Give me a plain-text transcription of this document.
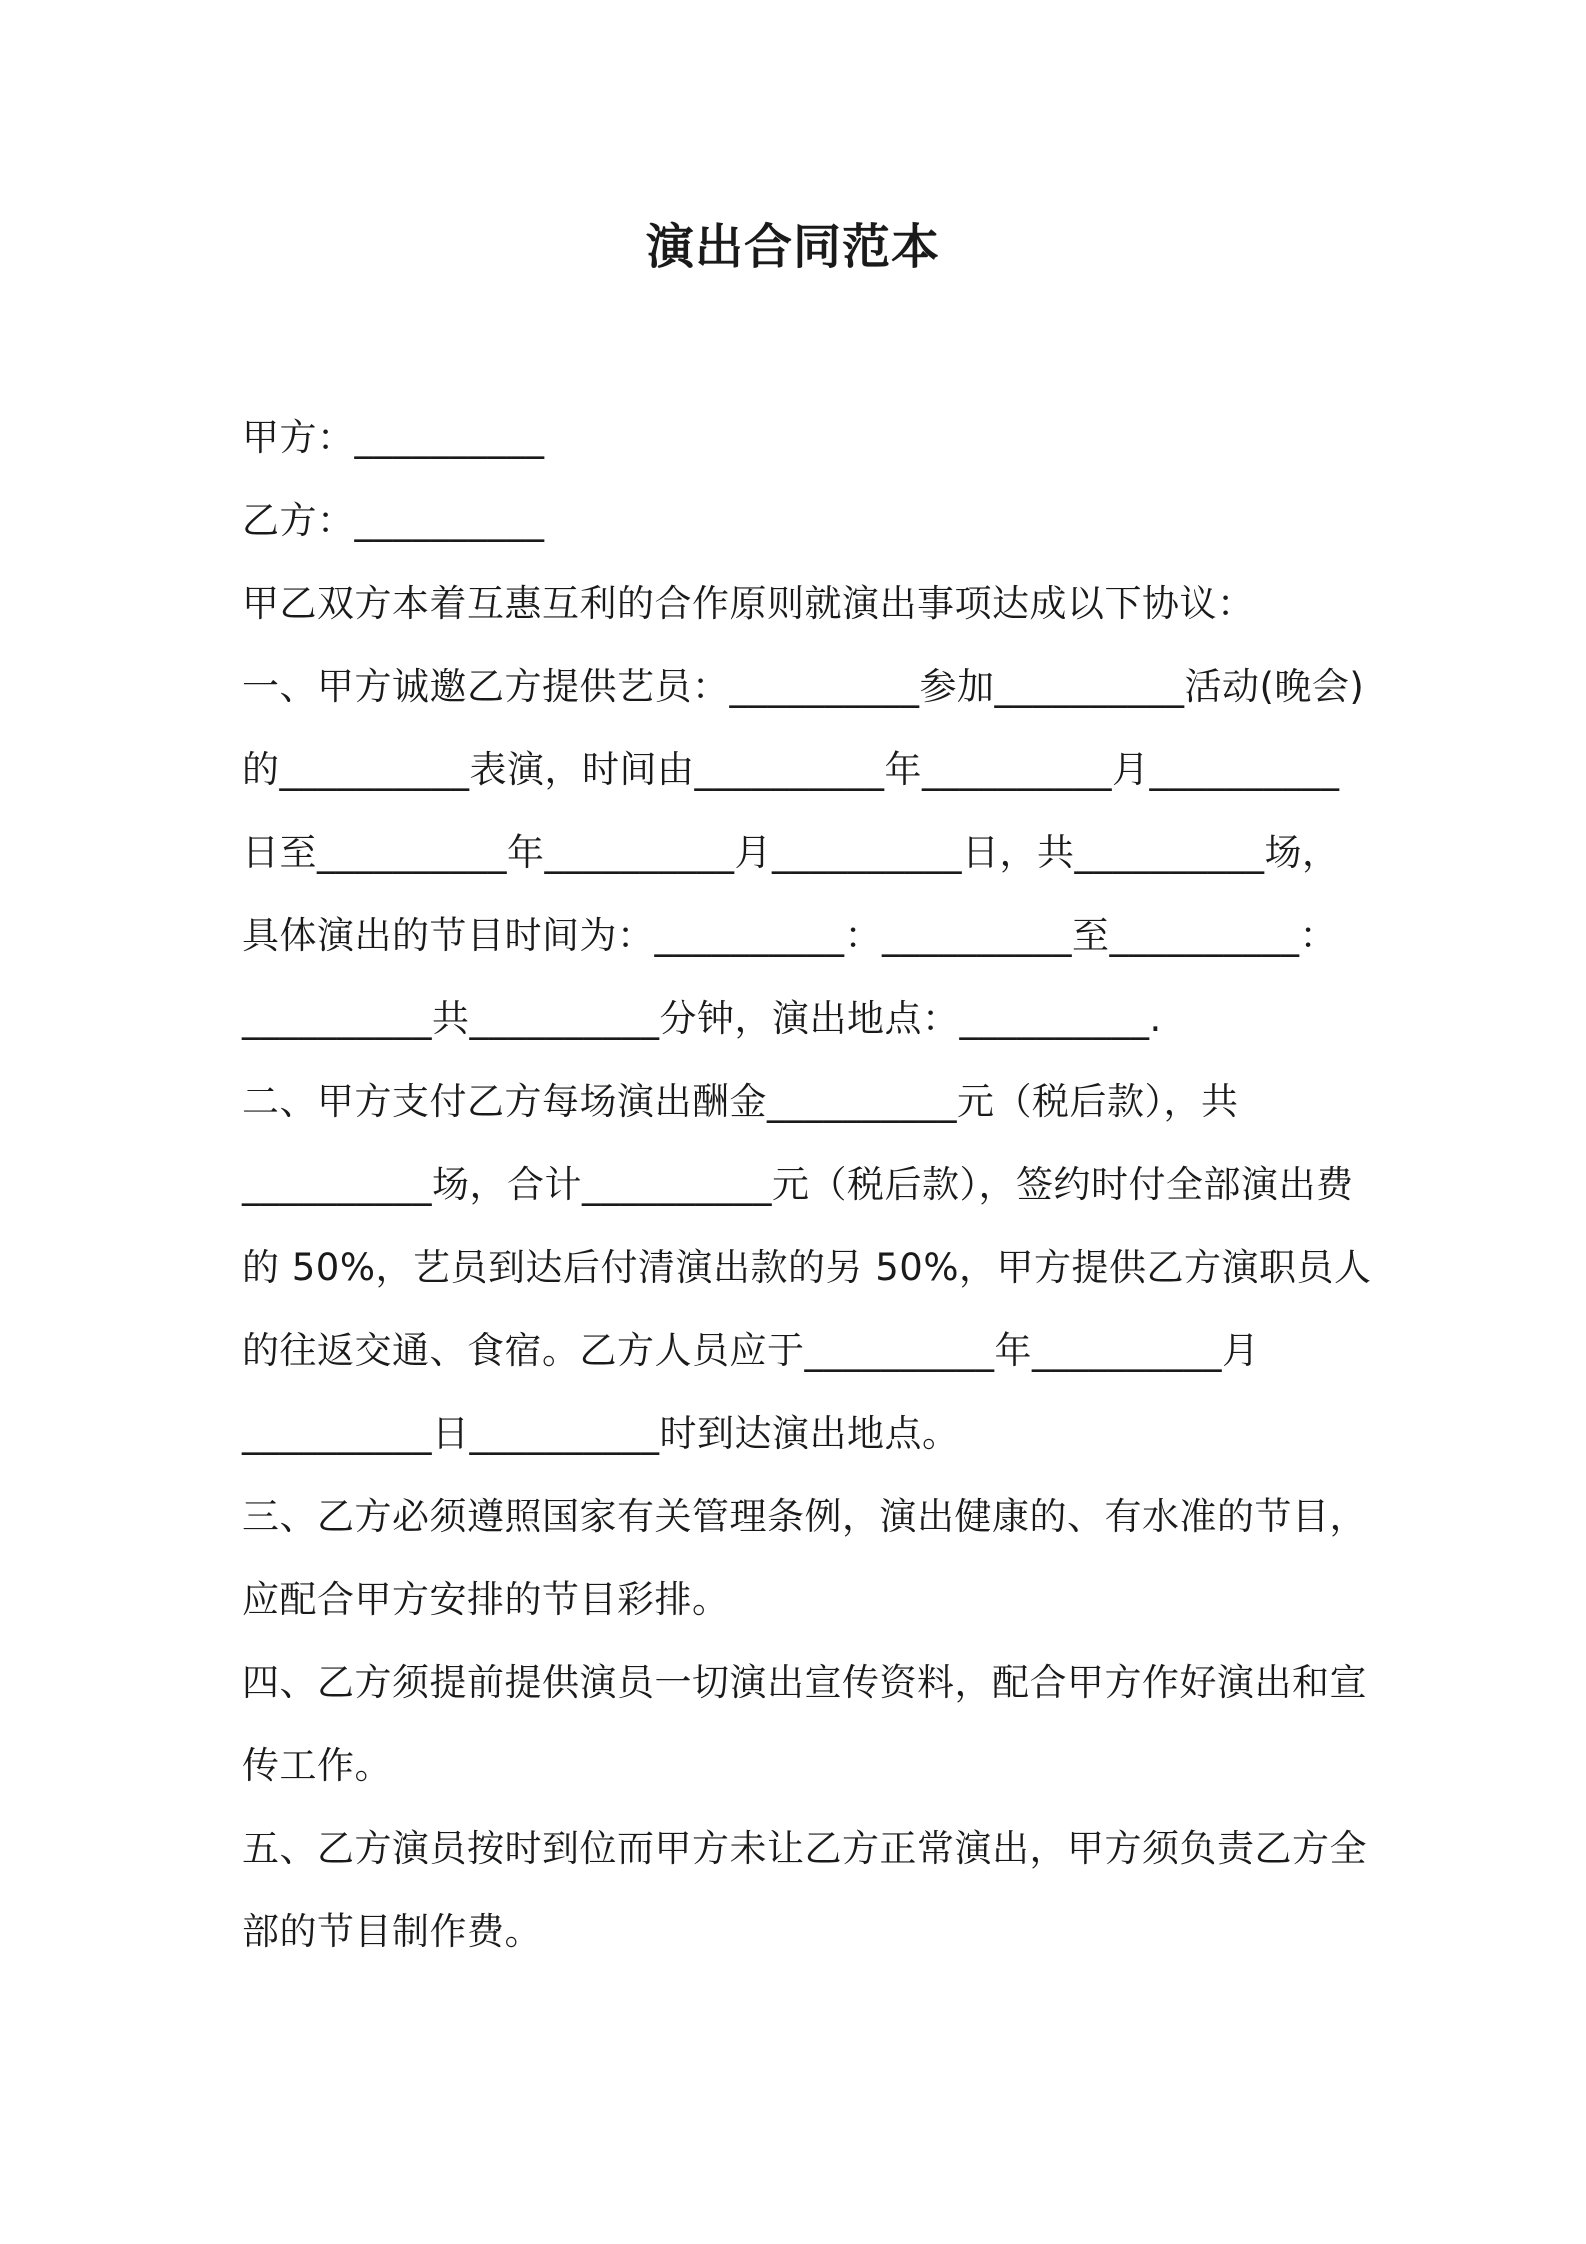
演出合同范本
甲方：__________
乙方：__________
甲乙双方本着互惠互利的合作原则就演出事项达成以下协议：
一、甲方诚邀乙方提供艺员：__________参加__________活动(晚会)
的__________表演，时间由__________年__________月__________
日至__________年__________月__________日，共__________场，
具体演出的节目时间为：__________：__________至__________：
__________共__________分钟，演出地点：__________.
二、甲方支付乙方每场演出酬金__________元（税后款），共
__________场，合计__________元（税后款），签约时付全部演出费
的 50%，艺员到达后付清演出款的另 50%，甲方提供乙方演职员人
的往返交通、食宿。乙方人员应于__________年__________月
__________日__________时到达演出地点。
三、乙方必须遵照国家有关管理条例，演出健康的、有水准的节目，
应配合甲方安排的节目彩排。
四、乙方须提前提供演员一切演出宣传资料，配合甲方作好演出和宣
传工作。
五、乙方演员按时到位而甲方未让乙方正常演出，甲方须负责乙方全
部的节目制作费。
